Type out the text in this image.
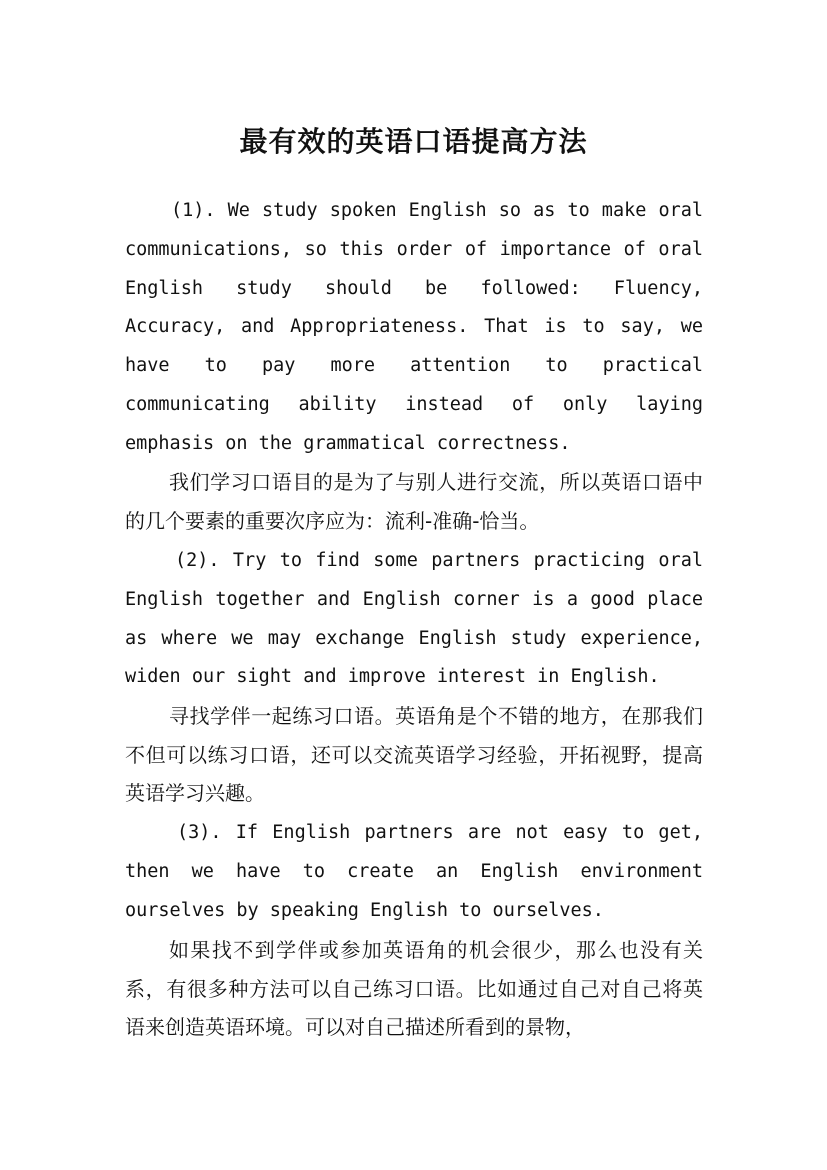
最有效的英语口语提高方法

(1). We study spoken English so as to make oral communications, so this order of importance of oral English study should be followed: Fluency, Accuracy, and Appropriateness. That is to say, we have to pay more attention to practical communicating ability instead of only laying emphasis on the grammatical correctness.

我们学习口语目的是为了与别人进行交流，所以英语口语中的几个要素的重要次序应为：流利-准确-恰当。

(2). Try to find some partners practicing oral English together and English corner is a good place as where we may exchange English study experience, widen our sight and improve interest in English.

寻找学伴一起练习口语。英语角是个不错的地方，在那我们不但可以练习口语，还可以交流英语学习经验，开拓视野，提高英语学习兴趣。

(3). If English partners are not easy to get, then we have to create an English environment ourselves by speaking English to ourselves.

如果找不到学伴或参加英语角的机会很少，那么也没有关系，有很多种方法可以自己练习口语。比如通过自己对自己将英语来创造英语环境。可以对自己描述所看到的景物，
